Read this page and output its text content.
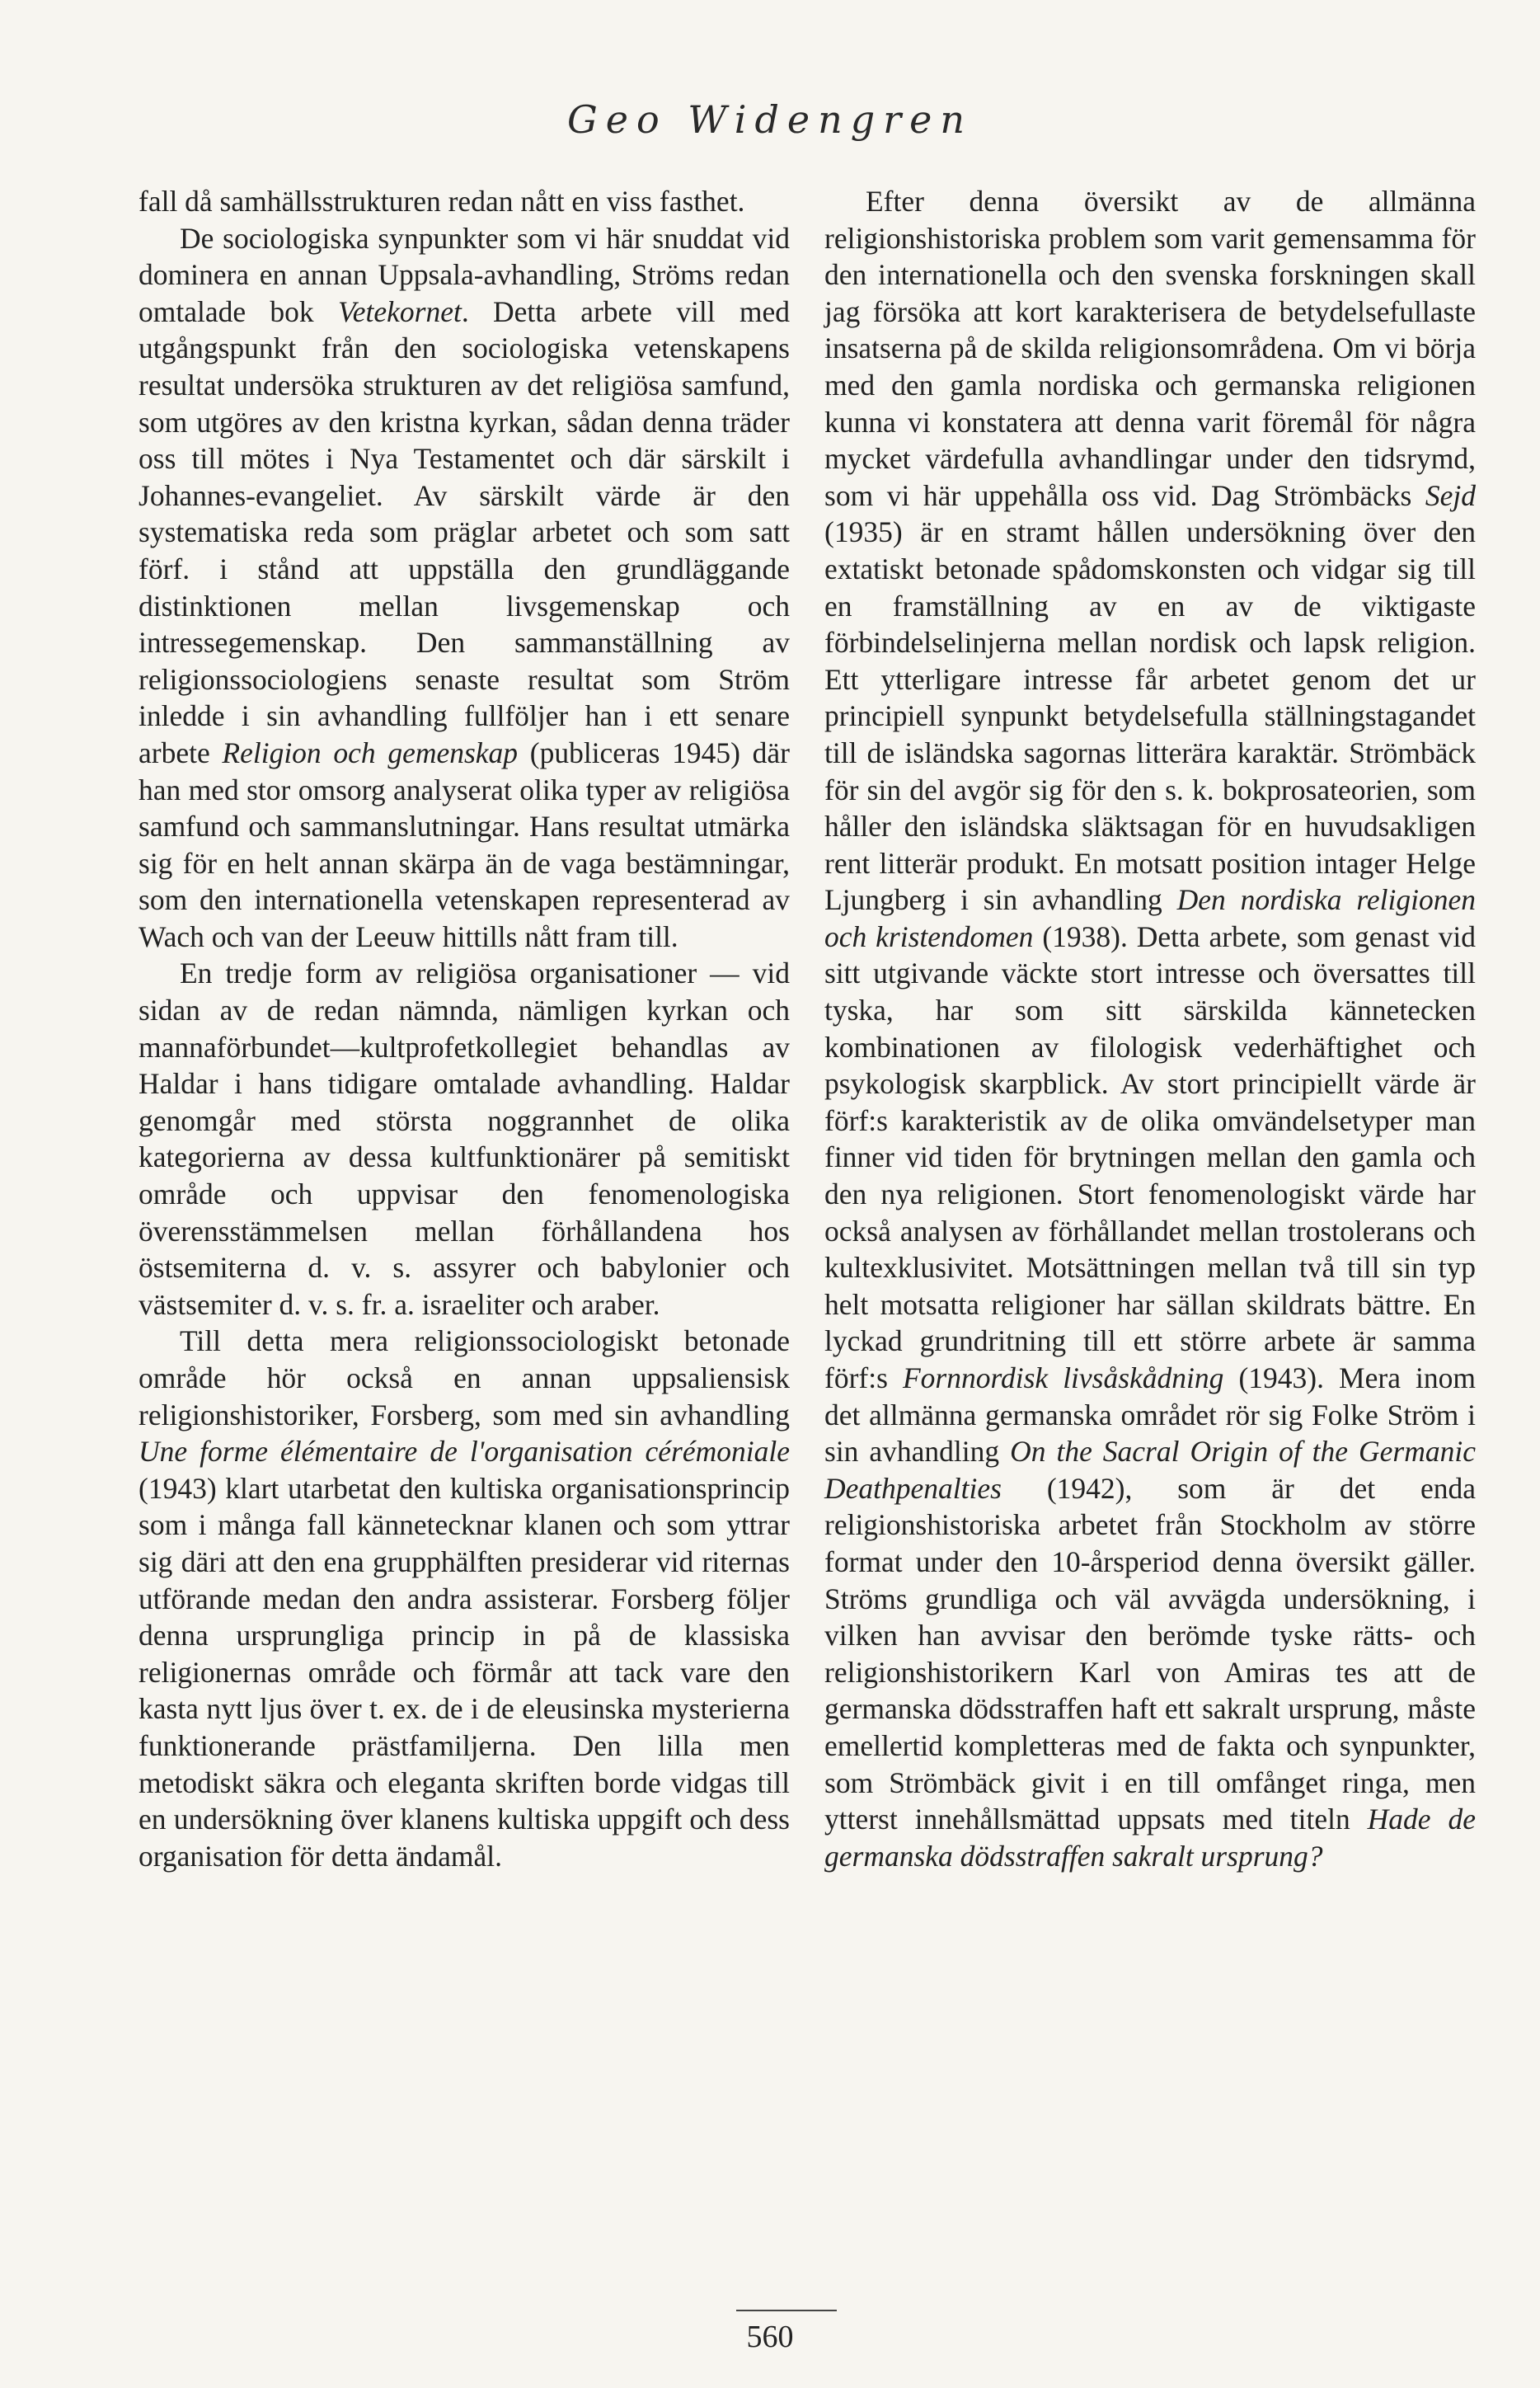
Geo Widengren

fall då samhällsstrukturen redan nått en viss fasthet.

De sociologiska synpunkter som vi här snuddat vid dominera en annan Uppsala-avhandling, Ströms redan omtalade bok Vetekornet. Detta arbete vill med utgångspunkt från den sociologiska vetenskapens resultat undersöka strukturen av det religiösa samfund, som utgöres av den kristna kyrkan, sådan denna träder oss till mötes i Nya Testamentet och där särskilt i Johannes-evangeliet. Av särskilt värde är den systematiska reda som präglar arbetet och som satt förf. i stånd att uppställa den grundläggande distinktionen mellan livsgemenskap och intressegemenskap. Den sammanställning av religionssociologiens senaste resultat som Ström inledde i sin avhandling fullföljer han i ett senare arbete Religion och gemenskap (publiceras 1945) där han med stor omsorg analyserat olika typer av religiösa samfund och sammanslutningar. Hans resultat utmärka sig för en helt annan skärpa än de vaga bestämningar, som den internationella vetenskapen representerad av Wach och van der Leeuw hittills nått fram till.

En tredje form av religiösa organisationer — vid sidan av de redan nämnda, nämligen kyrkan och mannaförbundet—kultprofetkollegiet behandlas av Haldar i hans tidigare omtalade avhandling. Haldar genomgår med största noggrannhet de olika kategorierna av dessa kultfunktionärer på semitiskt område och uppvisar den fenomenologiska överensstämmelsen mellan förhållandena hos östsemiterna d. v. s. assyrer och babylonier och västsemiter d. v. s. fr. a. israeliter och araber.

Till detta mera religionssociologiskt betonade område hör också en annan uppsaliensisk religionshistoriker, Forsberg, som med sin avhandling Une forme élémentaire de l'organisation cérémoniale (1943) klart utarbetat den kultiska organisationsprincip som i många fall kännetecknar klanen och som yttrar sig däri att den ena grupphälften presiderar vid riternas utförande medan den andra assisterar. Forsberg följer denna ursprungliga princip in på de klassiska religionernas område och förmår att tack vare den kasta nytt ljus över t. ex. de i de eleusinska mysterierna funktionerande prästfamiljerna. Den lilla men metodiskt säkra och eleganta skriften borde vidgas till en undersökning över klanens kultiska uppgift och dess organisation för detta ändamål.

Efter denna översikt av de allmänna religionshistoriska problem som varit gemensamma för den internationella och den svenska forskningen skall jag försöka att kort karakterisera de betydelsefullaste insatserna på de skilda religionsområdena. Om vi börja med den gamla nordiska och germanska religionen kunna vi konstatera att denna varit föremål för några mycket värdefulla avhandlingar under den tidsrymd, som vi här uppehålla oss vid. Dag Strömbäcks Sejd (1935) är en stramt hållen undersökning över den extatiskt betonade spådomskonsten och vidgar sig till en framställning av en av de viktigaste förbindelselinjerna mellan nordisk och lapsk religion. Ett ytterligare intresse får arbetet genom det ur principiell synpunkt betydelsefulla ställningstagandet till de isländska sagornas litterära karaktär. Strömbäck för sin del avgör sig för den s. k. bokprosateorien, som håller den isländska släktsagan för en huvudsakligen rent litterär produkt. En motsatt position intager Helge Ljungberg i sin avhandling Den nordiska religionen och kristendomen (1938). Detta arbete, som genast vid sitt utgivande väckte stort intresse och översattes till tyska, har som sitt särskilda kännetecken kombinationen av filologisk vederhäftighet och psykologisk skarpblick. Av stort principiellt värde är förf:s karakteristik av de olika omvändelsetyper man finner vid tiden för brytningen mellan den gamla och den nya religionen. Stort fenomenologiskt värde har också analysen av förhållandet mellan trostolerans och kultexklusivitet. Motsättningen mellan två till sin typ helt motsatta religioner har sällan skildrats bättre. En lyckad grundritning till ett större arbete är samma förf:s Fornnordisk livsåskådning (1943). Mera inom det allmänna germanska området rör sig Folke Ström i sin avhandling On the Sacral Origin of the Germanic Deathpenalties (1942), som är det enda religionshistoriska arbetet från Stockholm av större format under den 10-årsperiod denna översikt gäller. Ströms grundliga och väl avvägda undersökning, i vilken han avvisar den berömde tyske rätts- och religionshistorikern Karl von Amiras tes att de germanska dödsstraffen haft ett sakralt ursprung, måste emellertid kompletteras med de fakta och synpunkter, som Strömbäck givit i en till omfånget ringa, men ytterst innehållsmättad uppsats med titeln Hade de germanska dödsstraffen sakralt ursprung?

560
